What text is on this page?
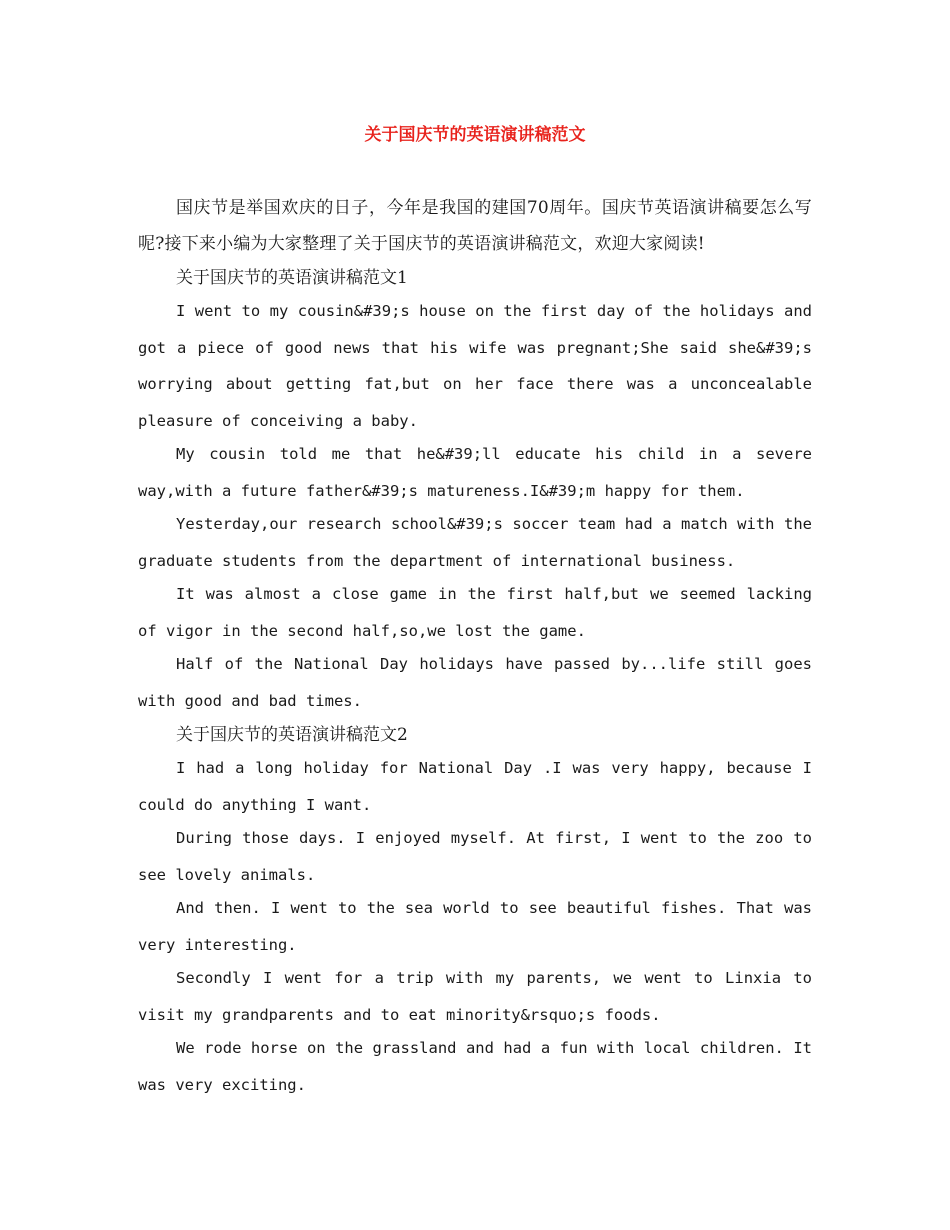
关于国庆节的英语演讲稿范文

国庆节是举国欢庆的日子，今年是我国的建国70周年。国庆节英语演讲稿要怎么写呢?接下来小编为大家整理了关于国庆节的英语演讲稿范文，欢迎大家阅读!

关于国庆节的英语演讲稿范文1

I went to my cousin&#39;s house on the first day of the holidays and got a piece of good news that his wife was pregnant;She said she&#39;s worrying about getting fat,but on her face there was a unconcealable pleasure of conceiving a baby.

My cousin told me that he&#39;ll educate his child in a severe way,with a future father&#39;s matureness.I&#39;m happy for them.

Yesterday,our research school&#39;s soccer team had a match with the graduate students from the department of international business.

It was almost a close game in the first half,but we seemed lacking of vigor in the second half,so,we lost the game.

Half of the National Day holidays have passed by...life still goes with good and bad times.

关于国庆节的英语演讲稿范文2

I had a long holiday for National Day .I was very happy, because I could do anything I want.

During those days. I enjoyed myself. At first, I went to the zoo to see lovely animals.

And then. I went to the sea world to see beautiful fishes. That was very interesting.

Secondly I went for a trip with my parents, we went to Linxia to visit my grandparents and to eat minority&rsquo;s foods.

We rode horse on the grassland and had a fun with local children. It was very exciting.
